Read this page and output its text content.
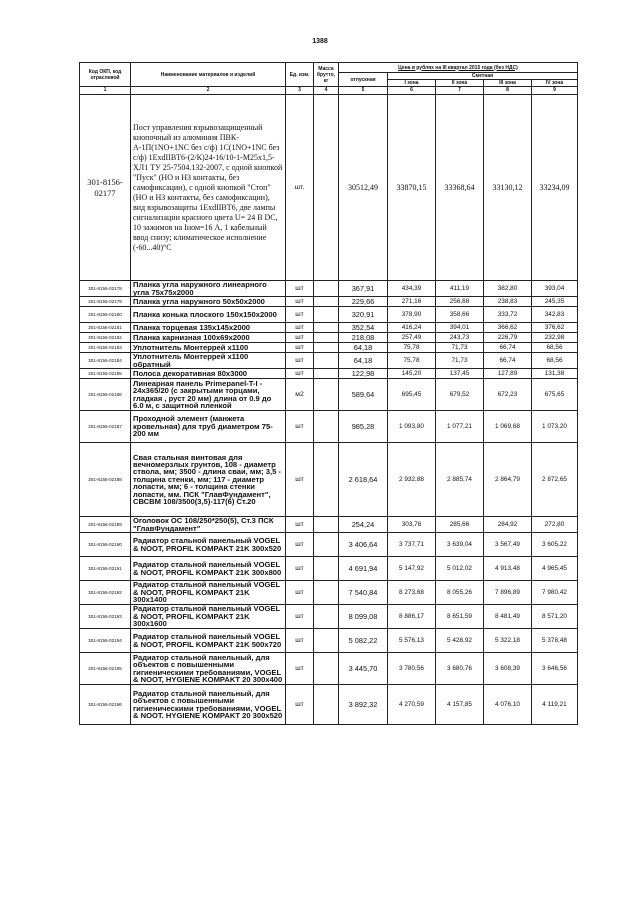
1388
Код ОКП, код отраслевой	Наименование материалов и изделий	Ед. изм.	Масса брутто, кг	Цена в рублях на III квартал 2015 года (без НДС)				
				отпускная	Сметная			
					I зона	II зона	III зона	IV зона
1	2	3	4	5	6	7	8	9
301-8156-02177	Пост управления взрывозащищенный кнопочный из алюминия ПВК-А-1П(1NO+1NC без с/ф) 1С(1NO+1NC без с/ф) 1ExdIIBT6-(2/К)24-16/10-1-М25х1,5-ХЛ1 ТУ 25-7504.132-2007, с одной кнопкой "Пуск" (НО и НЗ контакты, без самофиксации), с одной кнопкой "Стоп" (НО и НЗ контакты, без самофиксации), вид взрывозащиты 1ExdIIBT6, две лампы сигнализации красного цвета U= 24 В DC, 10 зажимов на Iном=16 А, 1 кабельный ввод снизу; климатическое исполнение (-60...40)°С	шт.		30512,49	33870,15	33368,64	33130,12	33234,09
301-8156-02178	Планка угла наружного линеарного угла 75х75х2000	шт		367,91	434,39	411,19	382,80	393,04
301-8156-02179	Планка угла наружного 50х50х2000	шт		229,66	271,16	256,68	238,83	245,35
301-8156-02180	Планка конька плоского 150х150х2000	шт		320,91	378,90	358,66	333,72	342,83
301-8156-02181	Планка торцевая 135х145х2000	шт		352,54	416,24	394,01	366,62	376,62
301-8156-02182	Планка карнизная 100х69х2000	шт		218,08	257,49	243,73	226,79	232,98
301-8156-02183	Уплотнитель Монтеррей х1100	шт		64,18	75,78	71,73	66,74	68,56
301-8156-02184	Уплотнитель Монтеррей х1100 обратный	шт		64,18	75,78	71,73	66,74	68,56
301-8156-02185	Полоса декоративная 80х3000	шт		122,98	145,20	137,45	127,89	131,38
301-8156-02186	Линеарная панель Primepanel-T-I - 24х365/20 (с закрытыми торцами, гладкая , руст 20 мм) длина от 0.9 до 6.0 м, с защитной пленкой	м2		589,64	695,45	679,52	672,23	675,65
301-8156-02187	Проходной элемент (манжета кровельная) для труб диаметром 75-200 мм	шт		985,28	1 093,80	1 077,21	1 069,68	1 073,20
301-8156-02188	Свая стальная винтовая для вечномерзлых грунтов, 108 - диаметр ствола, мм; 3500 - длина сваи, мм; 3,5 - толщина стенки, мм; 117 - диаметр лопасти, мм; 6 - толщина стенки лопасти, мм. ПСК "ГлавФундамент", СВСВМ 108/3500(3,5)-117(6) Ст.20	шт		2 618,64	2 932,88	2 885,74	2 864,79	2 872,65
301-8156-02189	Оголовок ОС 108/250*250(5), Ст.3 ПСК "ГлавФундамент"	шт		254,24	303,76	285,66	284,92	272,80
301-8156-02190	Радиатор стальной панельный VOGEL & NOOT, PROFIL KOMPAKT 21K 300х520	шт		3 406,64	3 737,71	3 639,04	3 567,49	3 605,22
301-8156-02191	Радиатор стальной панельный VOGEL & NOOT, PROFIL KOMPAKT 21K 300х800	шт		4 691,94	5 147,92	5 012,02	4 913,48	4 965,45
301-8156-02192	Радиатор стальной панельный VOGEL & NOOT, PROFIL KOMPAKT 21K 300х1400	шт		7 540,84	8 273,68	8 055,26	7 896,89	7 980,42
301-8156-02193	Радиатор стальной панельный VOGEL & NOOT, PROFIL KOMPAKT 21K 300х1600	шт		8 099,08	8 886,17	8 651,59	8 481,49	8 571,20
301-8156-02194	Радиатор стальной панельный VOGEL & NOOT, PROFIL KOMPAKT 21K 500х720	шт		5 082,22	5 576,13	5 428,92	5 322,18	5 378,48
301-8156-02195	Радиатор стальной панельный, для объектов с повышенными гигиеническими требованиями, VOGEL & NOOT, HYGIENE KOMPAKT 20 300х400	шт		3 445,70	3 780,56	3 680,76	3 608,39	3 646,56
301-8156-02196	Радиатор стальной панельный, для объектов с повышенными гигиеническими требованиями, VOGEL & NOOT. HYGIENE KOMPAKT 20 300х520	шт		3 892,32	4 270,59	4 157,85	4 076,10	4 119,21
